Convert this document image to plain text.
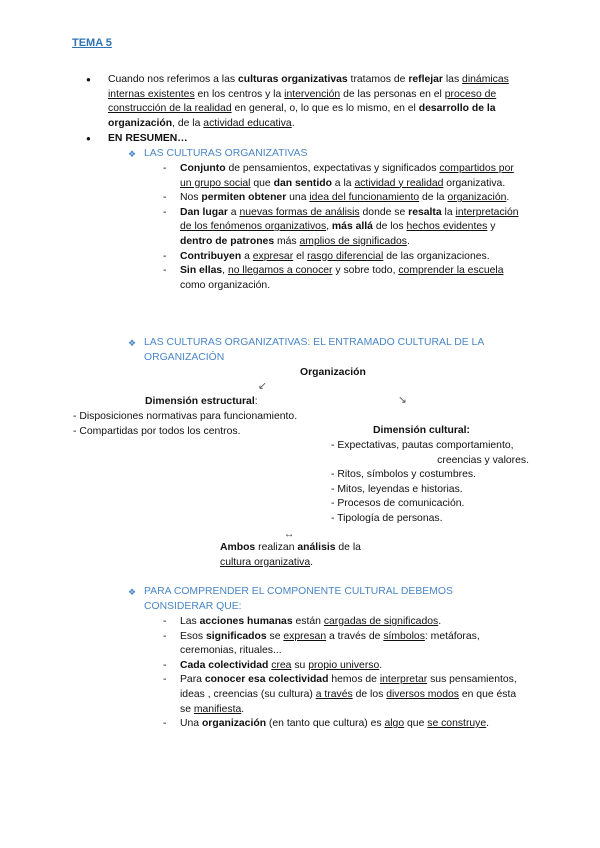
TEMA 5
● Cuando nos referimos a las culturas organizativas tratamos de reflejar las dinámicas internas existentes en los centros y la intervención de las personas en el proceso de construcción de la realidad en general, o, lo que es lo mismo, en el desarrollo de la organización, de la actividad educativa.
● EN RESUMEN…
❖ LAS CULTURAS ORGANIZATIVAS
- Conjunto de pensamientos, expectativas y significados compartidos por un grupo social que dan sentido a la actividad y realidad organizativa.
- Nos permiten obtener una idea del funcionamiento de la organización.
- Dan lugar a nuevas formas de análisis donde se resalta la interpretación de los fenómenos organizativos, más allá de los hechos evidentes y dentro de patrones más amplios de significados.
- Contribuyen a expresar el rasgo diferencial de las organizaciones.
- Sin ellas, no llegamos a conocer y sobre todo, comprender la escuela como organización.
❖ LAS CULTURAS ORGANIZATIVAS: EL ENTRAMADO CULTURAL DE LA ORGANIZACIÓN
Organización
↙
↘
Dimensión estructural:
- Disposiciones normativas para funcionamiento.
- Compartidas por todos los centros.	Dimensión cultural:
- Expectativas, pautas comportamiento,
creencias y valores.
- Ritos, símbolos y costumbres.
- Mitos, leyendas e historias.
- Procesos de comunicación.
- Tipología de personas.
↔
Ambos realizan análisis de la
cultura organizativa.
❖ PARA COMPRENDER EL COMPONENTE CULTURAL DEBEMOS CONSIDERAR QUE:
- Las acciones humanas están cargadas de significados.
- Esos significados se expresan a través de símbolos: metáforas, ceremonias, rituales...
- Cada colectividad crea su propio universo.
- Para conocer esa colectividad hemos de interpretar sus pensamientos, ideas , creencias (su cultura) a través de los diversos modos en que ésta se manifiesta.
- Una organización (en tanto que cultura) es algo que se construye.
